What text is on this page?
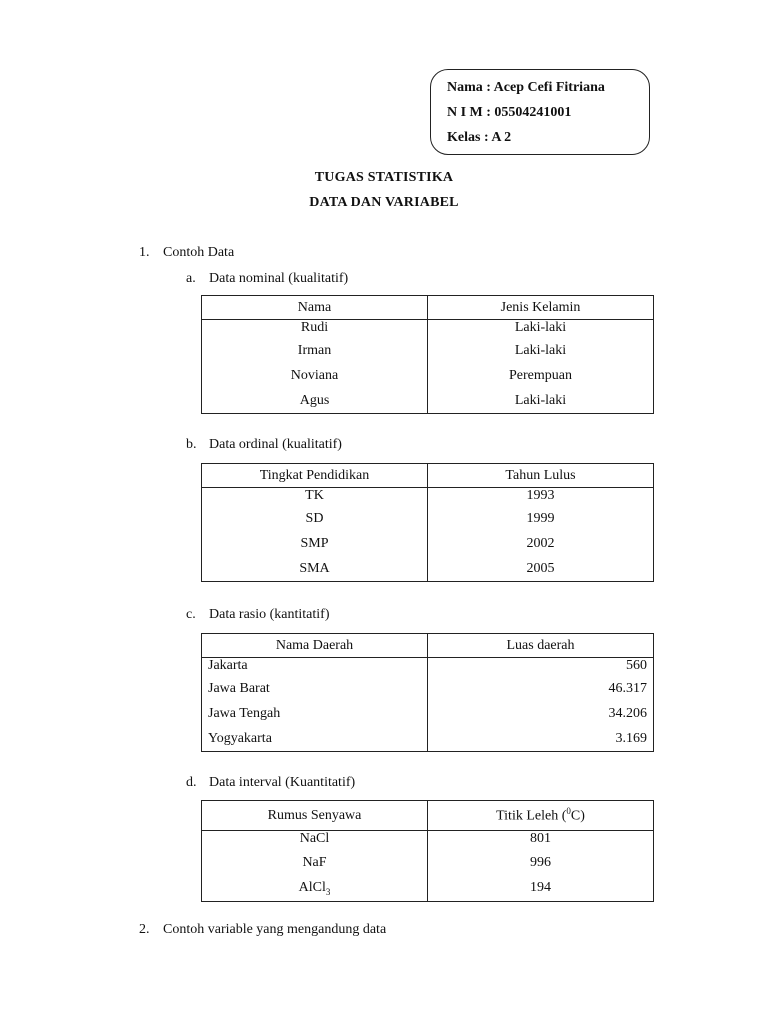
Nama : Acep Cefi Fitriana
N I M : 05504241001
Kelas : A 2
TUGAS STATISTIKA
DATA DAN VARIABEL
1. Contoh Data
a. Data nominal (kualitatif)
Nama	Jenis Kelamin
Rudi	Laki-laki
Irman	Laki-laki
Noviana	Perempuan
Agus	Laki-laki
b. Data ordinal (kualitatif)
Tingkat Pendidikan	Tahun Lulus
TK	1993
SD	1999
SMP	2002
SMA	2005
c. Data rasio (kantitatif)
Nama Daerah	Luas daerah
Jakarta	560
Jawa Barat	46.317
Jawa Tengah	34.206
Yogyakarta	3.169
d. Data interval (Kuantitatif)
Rumus Senyawa	Titik Leleh ($^0$C)
NaCl	801
NaF	996
AlCl$_3$	194
2. Contoh variable yang mengandung data
